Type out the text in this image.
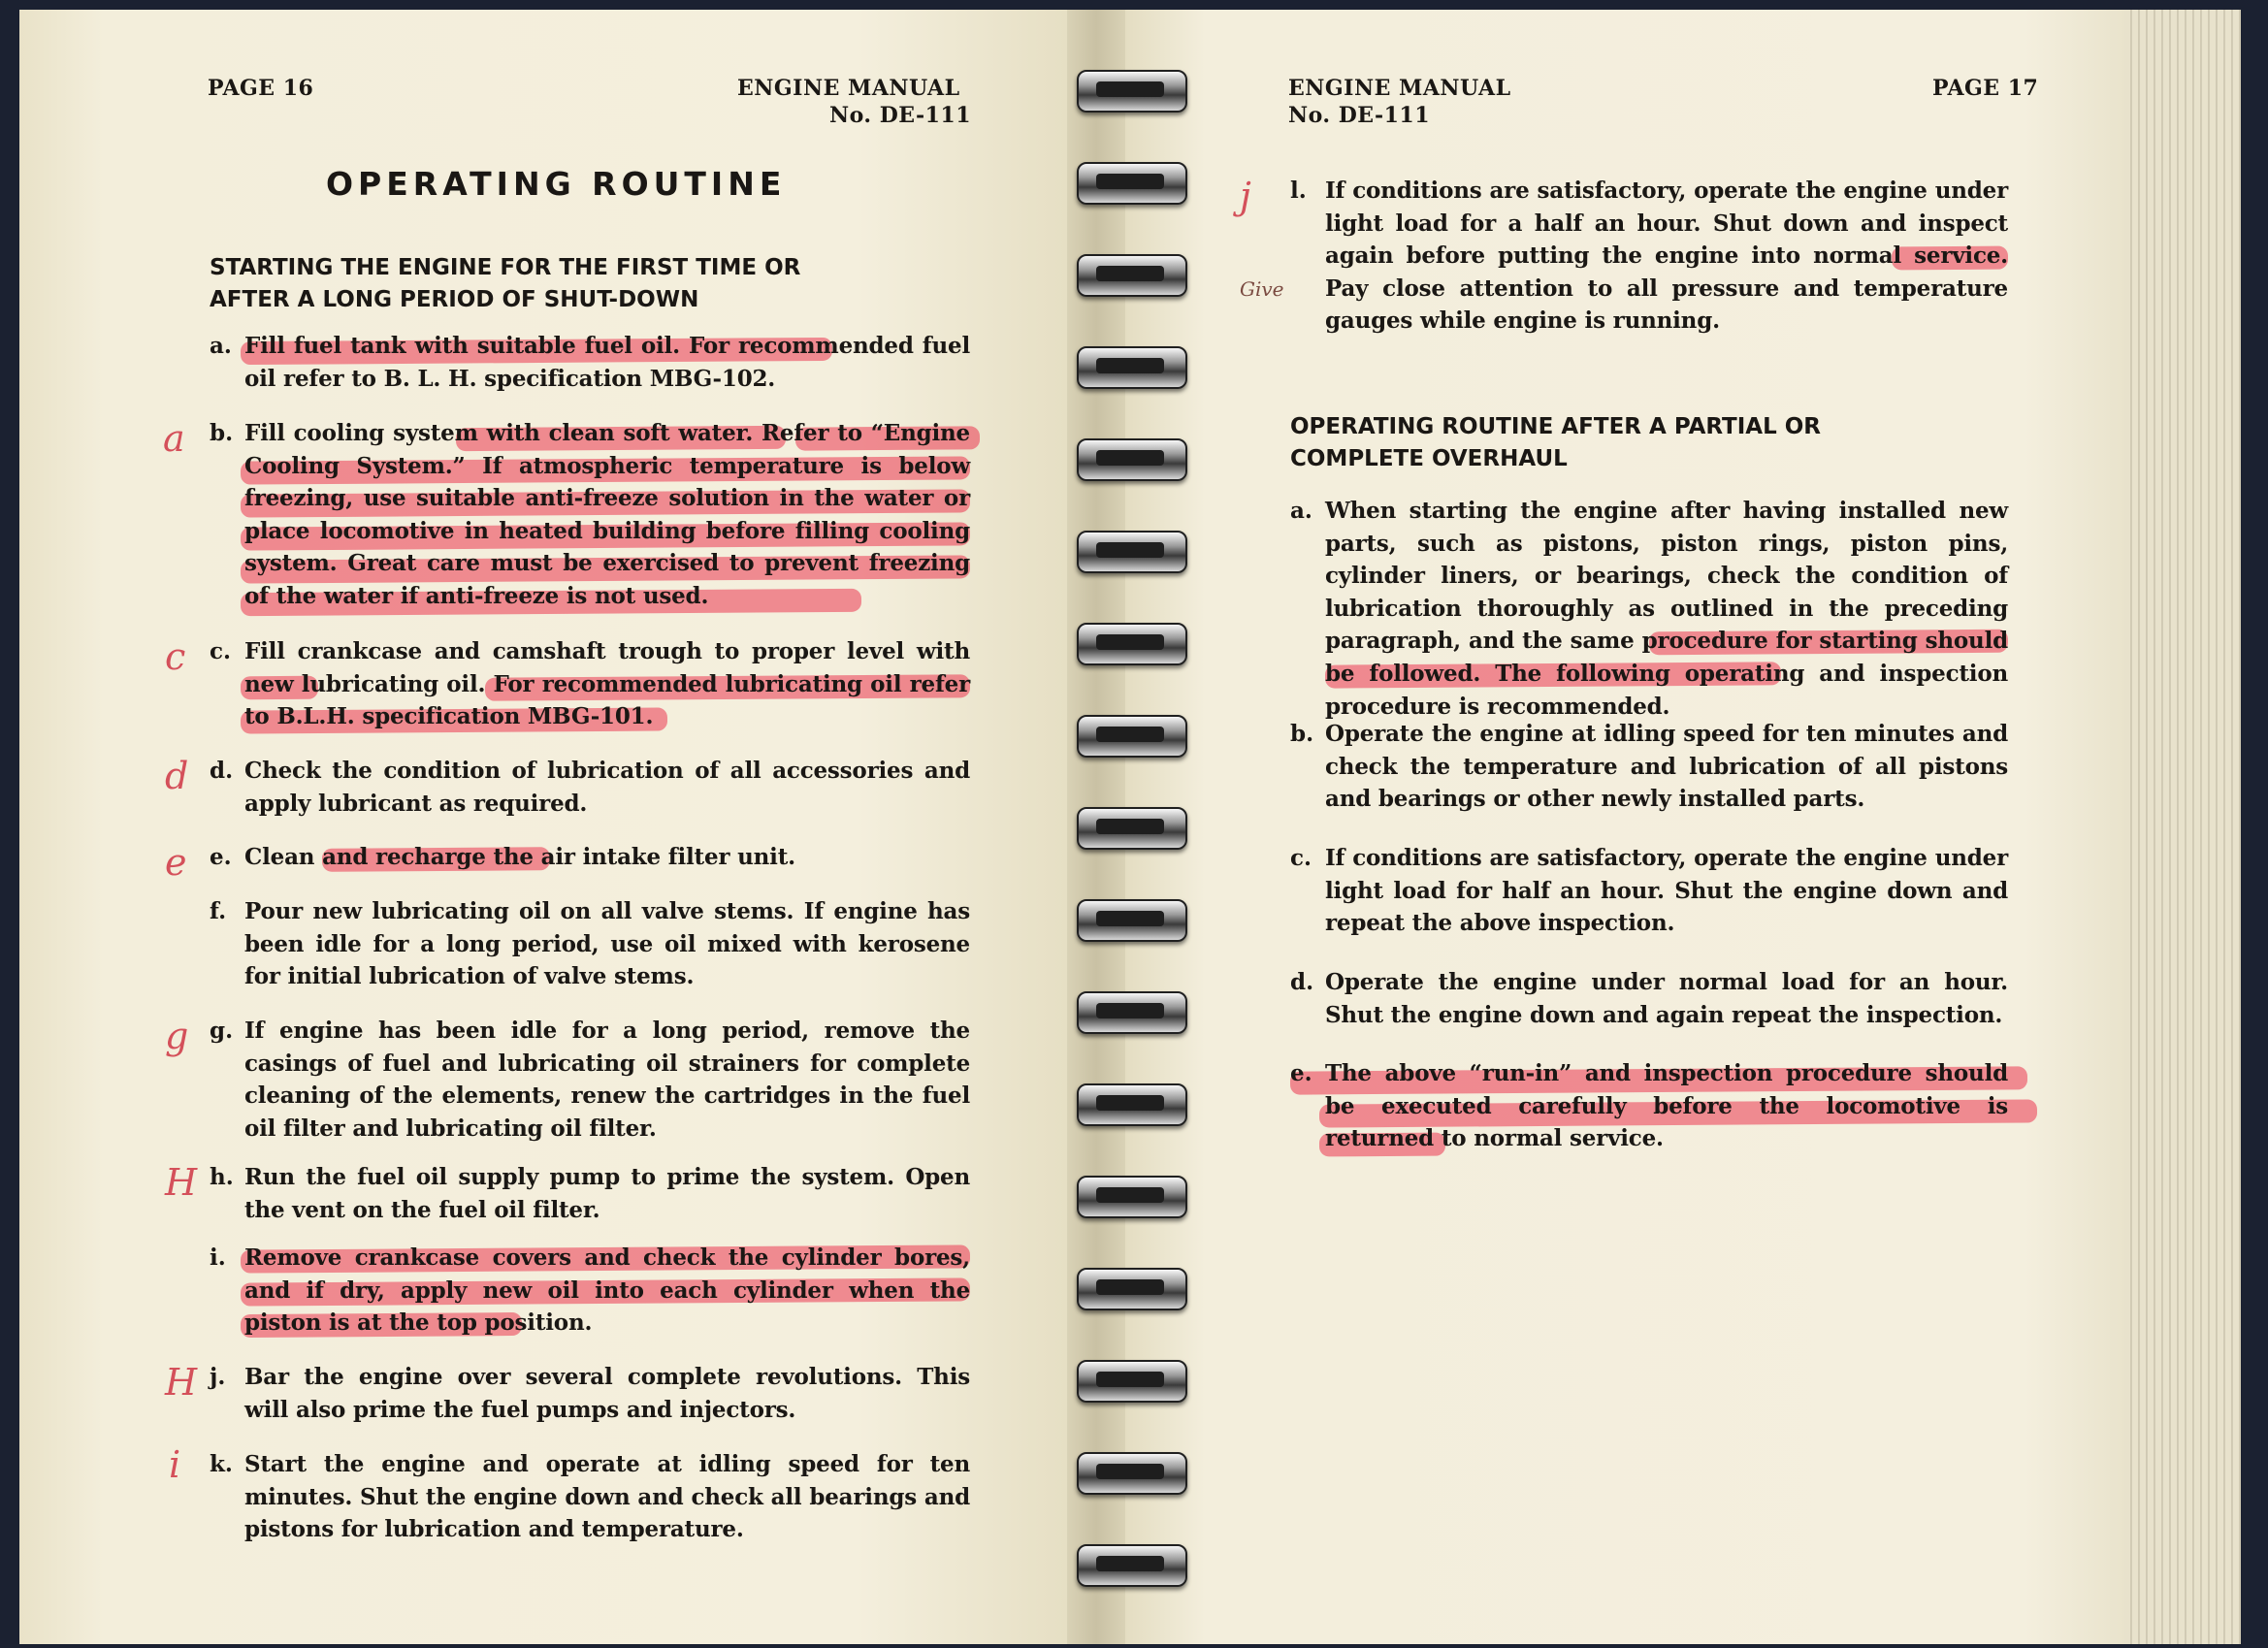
PAGE 16	ENGINE MANUAL
No. DE-111
OPERATING ROUTINE
STARTING THE ENGINE FOR THE FIRST TIME OR
AFTER A LONG PERIOD OF SHUT-DOWN
a. Fill fuel tank with suitable fuel oil. For recommended fuel oil refer to B. L. H. specification MBG-102.
b. Fill cooling system with clean soft water. Refer to “Engine Cooling System.” If atmospheric temperature is below freezing, use suitable anti-freeze solution in the water or place locomotive in heated building before filling cooling system. Great care must be exercised to prevent freezing of the water if anti-freeze is not used.
c. Fill crankcase and camshaft trough to proper level with new lubricating oil. For recommended lubricating oil refer to B.L.H. specification MBG-101.
d. Check the condition of lubrication of all accessories and apply lubricant as required.
e. Clean and recharge the air intake filter unit.
f. Pour new lubricating oil on all valve stems. If engine has been idle for a long period, use oil mixed with kerosene for initial lubrication of valve stems.
g. If engine has been idle for a long period, remove the casings of fuel and lubricating oil strainers for complete cleaning of the elements, renew the cartridges in the fuel oil filter and lubricating oil filter.
h. Run the fuel oil supply pump to prime the system. Open the vent on the fuel oil filter.
i. Remove crankcase covers and check the cylinder bores, and if dry, apply new oil into each cylinder when the piston is at the top position.
j. Bar the engine over several complete revolutions. This will also prime the fuel pumps and injectors.
k. Start the engine and operate at idling speed for ten minutes. Shut the engine down and check all bearings and pistons for lubrication and temperature.
a
c
d
e
g
H
H
i
ENGINE MANUAL
No. DE-111
PAGE 17
l. If conditions are satisfactory, operate the engine under light load for a half an hour. Shut down and inspect again before putting the engine into normal service. Pay close attention to all pressure and temperature gauges while engine is running.
Give
j
OPERATING ROUTINE AFTER A PARTIAL OR
COMPLETE OVERHAUL
a. When starting the engine after having installed new parts, such as pistons, piston rings, piston pins, cylinder liners, or bearings, check the condition of lubrication thoroughly as outlined in the preceding paragraph, and the same procedure for starting should be followed. The following operating and inspection procedure is recommended.
b. Operate the engine at idling speed for ten minutes and check the temperature and lubrication of all pistons and bearings or other newly installed parts.
c. If conditions are satisfactory, operate the engine under light load for half an hour. Shut the engine down and repeat the above inspection.
d. Operate the engine under normal load for an hour. Shut the engine down and again repeat the inspection.
e. The above “run-in” and inspection procedure should be executed carefully before the locomotive is returned to normal service.
